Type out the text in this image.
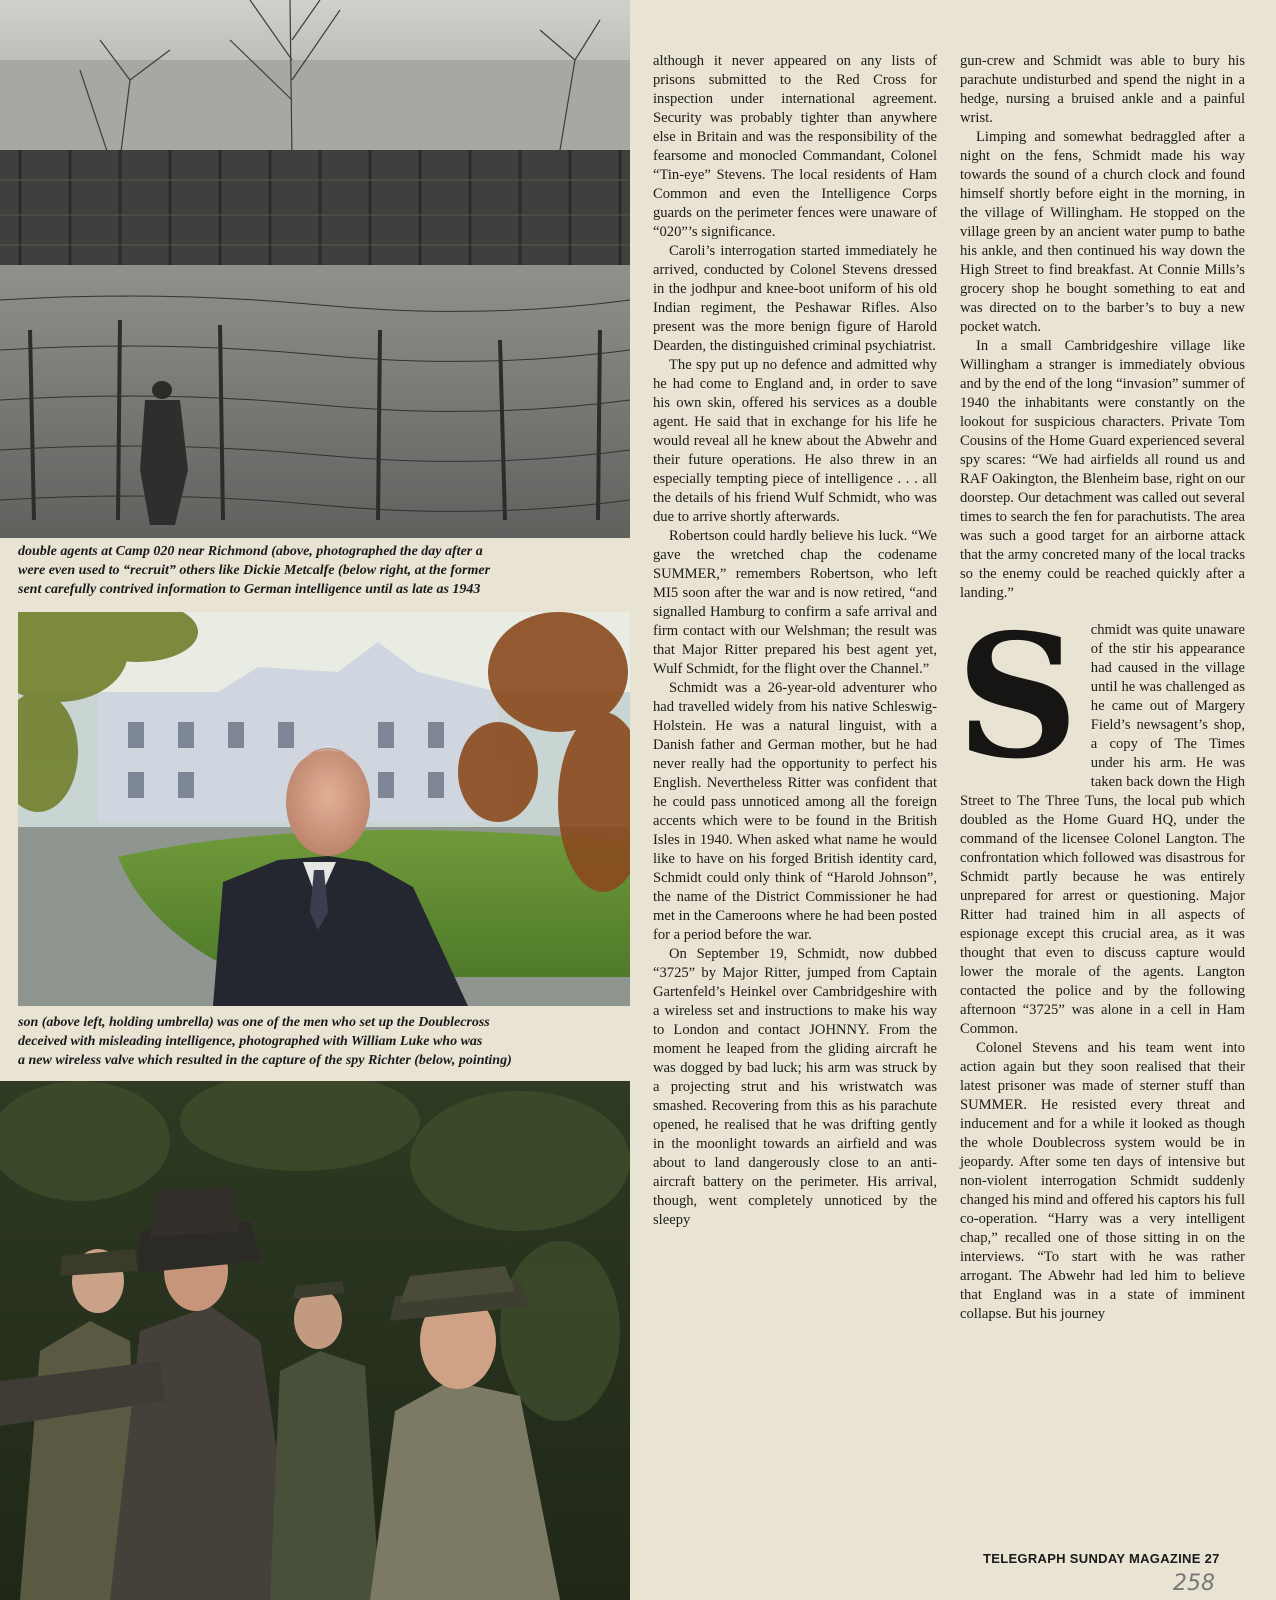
double agents at Camp 020 near Richmond (above, photographed the day after a

were even used to “recruit” others like Dickie Metcalfe (below right, at the former

sent carefully contrived information to German intelligence until as late as 1943

son (above left, holding umbrella) was one of the men who set up the Doublecross

deceived with misleading intelligence, photographed with William Luke who was

a new wireless valve which resulted in the capture of the spy Richter (below, pointing)

although it never appeared on any lists of prisons submitted to the Red Cross for inspection under international agreement. Security was probably tighter than anywhere else in Britain and was the responsibility of the fearsome and monocled Commandant, Colonel “Tin-eye” Stevens. The local residents of Ham Common and even the Intelligence Corps guards on the perimeter fences were unaware of “020”’s significance.

Caroli’s interrogation started immediately he arrived, conducted by Colonel Stevens dressed in the jodhpur and knee-boot uniform of his old Indian regiment, the Peshawar Rifles. Also present was the more benign figure of Harold Dearden, the distinguished criminal psychiatrist.

The spy put up no defence and admitted why he had come to England and, in order to save his own skin, offered his services as a double agent. He said that in exchange for his life he would reveal all he knew about the Abwehr and their future operations. He also threw in an especially tempting piece of intelligence . . . all the details of his friend Wulf Schmidt, who was due to arrive shortly afterwards.

Robertson could hardly believe his luck. “We gave the wretched chap the codename SUMMER,” remembers Robertson, who left MI5 soon after the war and is now retired, “and signalled Hamburg to confirm a safe arrival and firm contact with our Welshman; the result was that Major Ritter prepared his best agent yet, Wulf Schmidt, for the flight over the Channel.”

Schmidt was a 26-year-old adventurer who had travelled widely from his native Schleswig-Holstein. He was a natural linguist, with a Danish father and German mother, but he had never really had the opportunity to perfect his English. Nevertheless Ritter was confident that he could pass unnoticed among all the foreign accents which were to be found in the British Isles in 1940. When asked what name he would like to have on his forged British identity card, Schmidt could only think of “Harold Johnson”, the name of the District Commissioner he had met in the Cameroons where he had been posted for a period before the war.

On September 19, Schmidt, now dubbed “3725” by Major Ritter, jumped from Captain Gartenfeld’s Heinkel over Cambridgeshire with a wireless set and instructions to make his way to London and contact JOHNNY. From the moment he leaped from the gliding aircraft he was dogged by bad luck; his arm was struck by a projecting strut and his wristwatch was smashed. Recovering from this as his parachute opened, he realised that he was drifting gently in the moonlight towards an airfield and was about to land dangerously close to an anti-aircraft battery on the perimeter. His arrival, though, went completely unnoticed by the sleepy

gun-crew and Schmidt was able to bury his parachute undisturbed and spend the night in a hedge, nursing a bruised ankle and a painful wrist.

Limping and somewhat bedraggled after a night on the fens, Schmidt made his way towards the sound of a church clock and found himself shortly before eight in the morning, in the village of Willingham. He stopped on the village green by an ancient water pump to bathe his ankle, and then continued his way down the High Street to find breakfast. At Connie Mills’s grocery shop he bought something to eat and was directed on to the barber’s to buy a new pocket watch.

In a small Cambridgeshire village like Willingham a stranger is immediately obvious and by the end of the long “invasion” summer of 1940 the inhabitants were constantly on the lookout for suspicious characters. Private Tom Cousins of the Home Guard experienced several spy scares: “We had airfields all round us and RAF Oakington, the Blenheim base, right on our doorstep. Our detachment was called out several times to search the fen for parachutists. The area was such a good target for an airborne attack that the army concreted many of the local tracks so the enemy could be reached quickly after a landing.”

S chmidt was quite unaware of the stir his appearance had caused in the village until he was challenged as he came out of Margery Field’s newsagent’s shop, a copy of The Times under his arm. He was taken back down the High Street to The Three Tuns, the local pub which doubled as the Home Guard HQ, under the command of the licensee Colonel Langton. The confrontation which followed was disastrous for Schmidt partly because he was entirely unprepared for arrest or questioning. Major Ritter had trained him in all aspects of espionage except this crucial area, as it was thought that even to discuss capture would lower the morale of the agents. Langton contacted the police and by the following afternoon “3725” was alone in a cell in Ham Common.

Colonel Stevens and his team went into action again but they soon realised that their latest prisoner was made of sterner stuff than SUMMER. He resisted every threat and inducement and for a while it looked as though the whole Doublecross system would be in jeopardy. After some ten days of intensive but non-violent interrogation Schmidt suddenly changed his mind and offered his captors his full co-operation. “Harry was a very intelligent chap,” recalled one of those sitting in on the interviews. “To start with he was rather arrogant. The Abwehr had led him to believe that England was in a state of imminent collapse. But his journey

TELEGRAPH SUNDAY MAGAZINE 27
258
